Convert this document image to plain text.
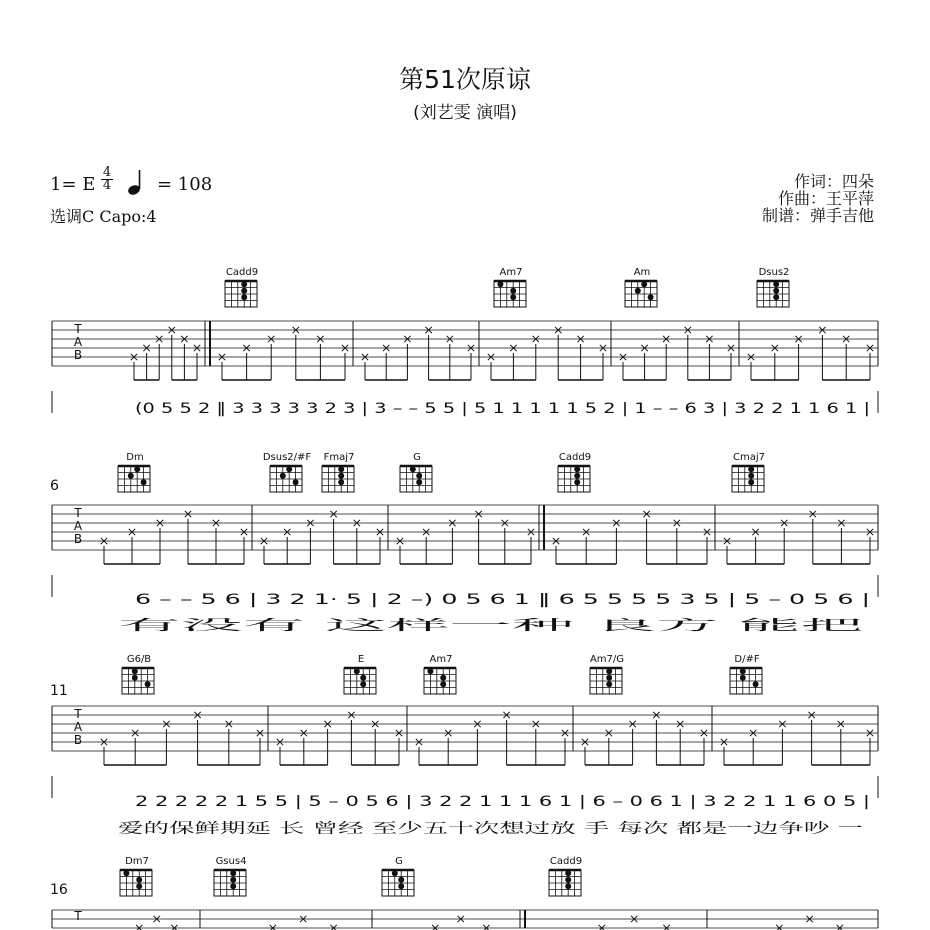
第51次原谅
(刘艺雯 演唱)
1= E
4
4	= 108
选调C Capo:4
作词：四朵
作曲：王平萍
制谱：弹手吉他
6
11
16
T
A
B
Cadd9	Am7	Am	Dsus2
T
A
B
Dm	Dsus2/#F Fmaj7	G	Cadd9	Cmaj7
T
A
B
G6/B	E	Am7	Am7/G	D/#F
T
Dm7	Gsus4	G	Cadd9
(0 5 5 2 ‖ 3 3 3 3 3 2 3 | 3 – – 5 5 | 5 1 1 1 1 1 5 2 | 1 – – 6 3 | 3 2 2 1 1 6 1 |
6 – – 5 6 | 3 2 1· 5 | 2 –) 0 5 6 1 ‖ 6 5 5 5 5 3 5 | 5 – 0 5 6 |
有没有 这样一种 良方 能把
2 2 2 2 2 1 5 5 | 5 – 0 5 6 | 3 2 2 1 1 1 6 1 | 6 – 0 6 1 | 3 2 2 1 1 6 0 5 |
爱的保鲜期延 长 曾经 至少五十次想过放 手 每次 都是一边争吵 一
